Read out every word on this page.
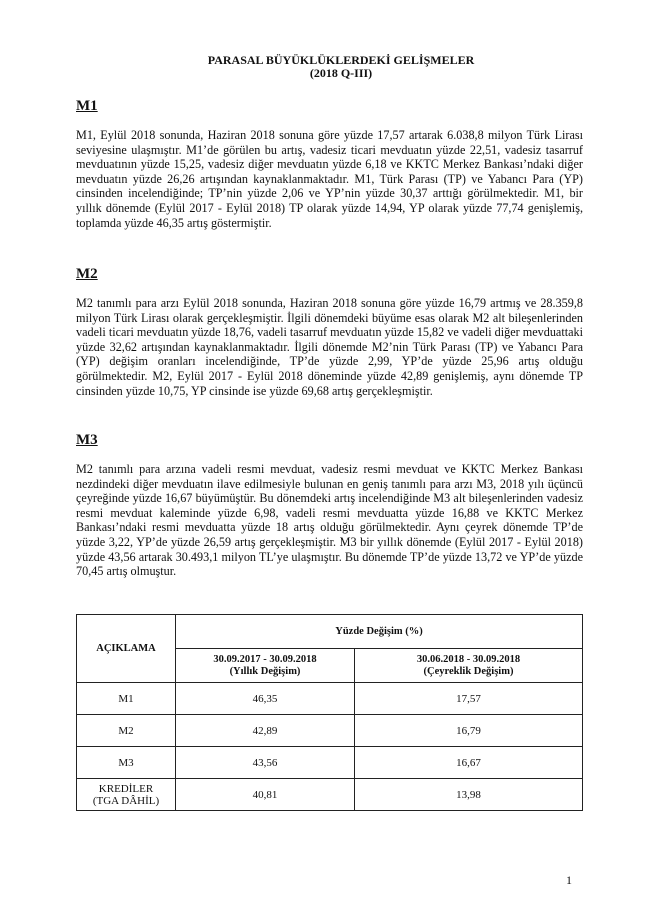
PARASAL BÜYÜKLÜKLERDEKİ GELİŞMELER
(2018 Q-III)
M1

M1, Eylül 2018 sonunda, Haziran 2018 sonuna göre yüzde 17,57 artarak 6.038,8 milyon Türk Lirası seviyesine ulaşmıştır. M1’de görülen bu artış, vadesiz ticari mevduatın yüzde 22,51, vadesiz tasarruf mevduatının yüzde 15,25, vadesiz diğer mevduatın yüzde 6,18 ve KKTC Merkez Bankası’ndaki diğer mevduatın yüzde 26,26 artışından kaynaklanmaktadır. M1, Türk Parası (TP) ve Yabancı Para (YP) cinsinden incelendiğinde; TP’nin yüzde 2,06 ve YP’nin yüzde 30,37 arttığı görülmektedir. M1, bir yıllık dönemde (Eylül 2017 - Eylül 2018) TP olarak yüzde 14,94, YP olarak yüzde 77,74 genişlemiş, toplamda yüzde 46,35 artış göstermiştir.

M2

M2 tanımlı para arzı Eylül 2018 sonunda, Haziran 2018 sonuna göre yüzde 16,79 artmış ve 28.359,8 milyon Türk Lirası olarak gerçekleşmiştir. İlgili dönemdeki büyüme esas olarak M2 alt bileşenlerinden vadeli ticari mevduatın yüzde 18,76, vadeli tasarruf mevduatın yüzde 15,82 ve vadeli diğer mevduattaki yüzde 32,62 artışından kaynaklanmaktadır. İlgili dönemde M2’nin Türk Parası (TP) ve Yabancı Para (YP) değişim oranları incelendiğinde, TP’de yüzde 2,99, YP’de yüzde 25,96 artış olduğu görülmektedir. M2, Eylül 2017 - Eylül 2018 döneminde yüzde 42,89 genişlemiş, aynı dönemde TP cinsinden yüzde 10,75, YP cinsinde ise yüzde 69,68 artış gerçekleşmiştir.

M3

M2 tanımlı para arzına vadeli resmi mevduat, vadesiz resmi mevduat ve KKTC Merkez Bankası nezdindeki diğer mevduatın ilave edilmesiyle bulunan en geniş tanımlı para arzı M3, 2018 yılı üçüncü çeyreğinde yüzde 16,67 büyümüştür. Bu dönemdeki artış incelendiğinde M3 alt bileşenlerinden vadesiz resmi mevduat kaleminde yüzde 6,98, vadeli resmi mevduatta yüzde 16,88 ve KKTC Merkez Bankası’ndaki resmi mevduatta yüzde 18 artış olduğu görülmektedir. Aynı çeyrek dönemde TP’de yüzde 3,22, YP’de yüzde 26,59 artış gerçekleşmiştir. M3 bir yıllık dönemde (Eylül 2017 - Eylül 2018) yüzde 43,56 artarak 30.493,1 milyon TL’ye ulaşmıştır. Bu dönemde TP’de yüzde 13,72 ve YP’de yüzde 70,45 artış olmuştur.

AÇIKLAMA	Yüzde Değişim (%)	

30.09.2017 - 30.09.2018
(Yıllık Değişim)

30.06.2018 - 30.09.2018
(Çeyreklik Değişim)

M1	46,35	17,57
M2	42,89	16,79
M3	43,56	16,67

KREDİLER
(TGA DÂHİL)	40,81	13,98
1
